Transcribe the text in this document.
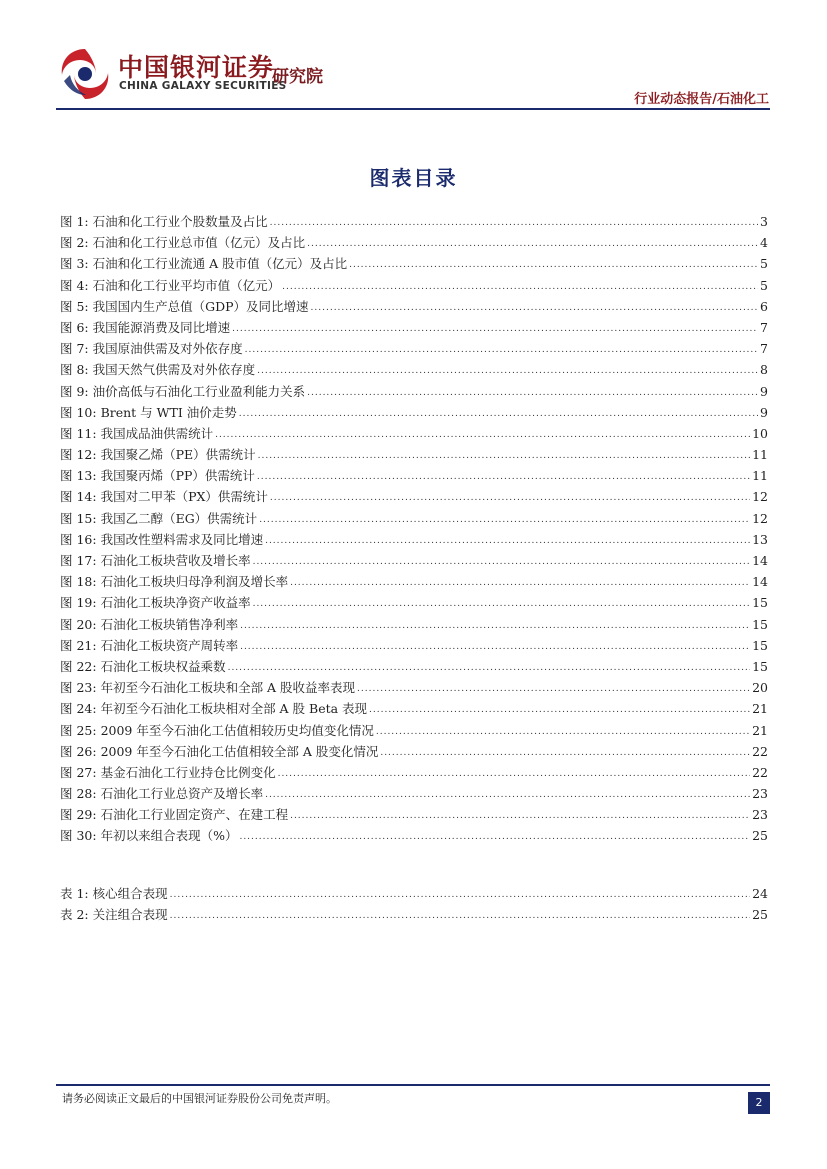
中国银河证券
CHINA GALAXY SECURITIES
研究院
行业动态报告/石油化工
图表目录
图 1: 石油和化工行业个股数量及占比 .....	3
图 2: 石油和化工行业总市值（亿元）及占比 .....	4
图 3: 石油和化工行业流通 A 股市值（亿元）及占比 .....	5
图 4: 石油和化工行业平均市值（亿元） .....	5
图 5: 我国国内生产总值（GDP）及同比增速 .....	6
图 6: 我国能源消费及同比增速 .....	7
图 7: 我国原油供需及对外依存度 .....	7
图 8: 我国天然气供需及对外依存度 .....	8
图 9: 油价高低与石油化工行业盈利能力关系 .....	9
图 10: Brent 与 WTI 油价走势 .....	9
图 11: 我国成品油供需统计 .....	10
图 12: 我国聚乙烯（PE）供需统计 .....	11
图 13: 我国聚丙烯（PP）供需统计 .....	11
图 14: 我国对二甲苯（PX）供需统计 .....	12
图 15: 我国乙二醇（EG）供需统计 .....	12
图 16: 我国改性塑料需求及同比增速 .....	13
图 17: 石油化工板块营收及增长率 .....	14
图 18: 石油化工板块归母净利润及增长率 .....	14
图 19: 石油化工板块净资产收益率 .....	15
图 20: 石油化工板块销售净利率 .....	15
图 21: 石油化工板块资产周转率 .....	15
图 22: 石油化工板块权益乘数 .....	15
图 23: 年初至今石油化工板块和全部 A 股收益率表现 .....	20
图 24: 年初至今石油化工板块相对全部 A 股 Beta 表现 .....	21
图 25: 2009 年至今石油化工估值相较历史均值变化情况 .....	21
图 26: 2009 年至今石油化工估值相较全部 A 股变化情况 .....	22
图 27: 基金石油化工行业持仓比例变化 .....	22
图 28: 石油化工行业总资产及增长率 .....	23
图 29: 石油化工行业固定资产、在建工程 .....	23
图 30: 年初以来组合表现（%） .....	25
表 1: 核心组合表现 .....	24
表 2: 关注组合表现 .....	25
请务必阅读正文最后的中国银河证券股份公司免责声明。	2
